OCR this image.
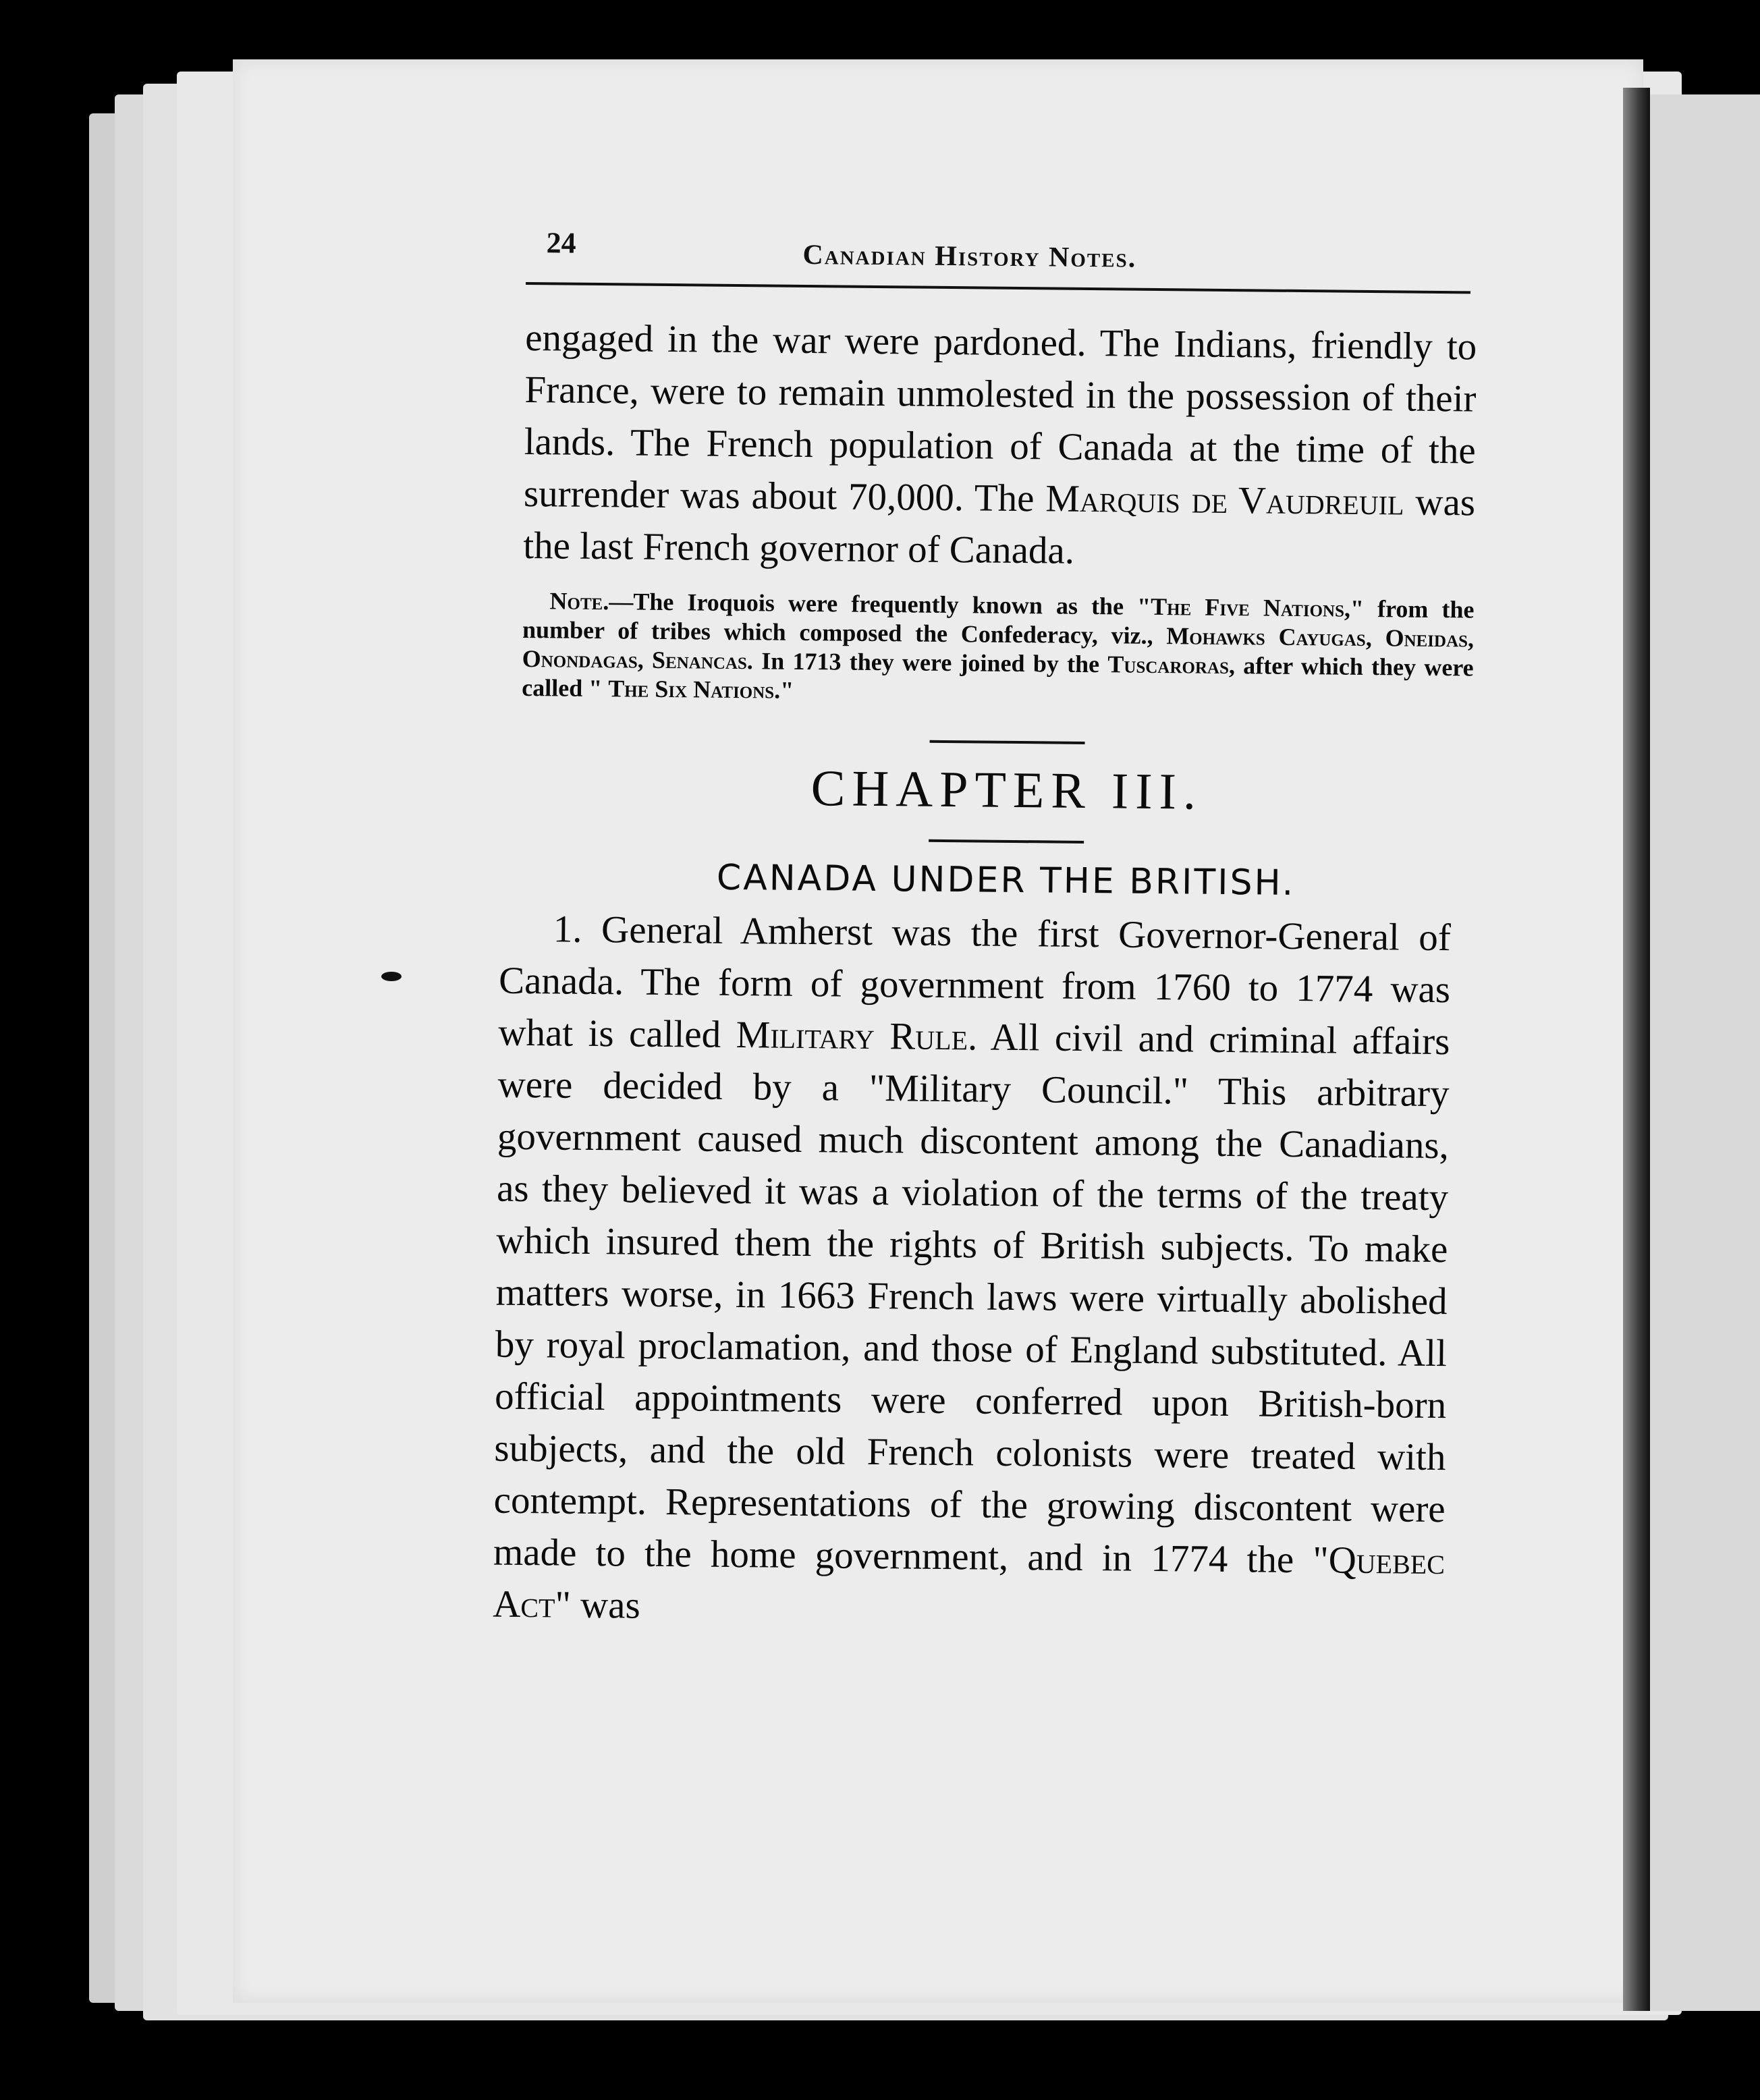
24	Canadian History Notes.

engaged in the war were pardoned. The Indians, friendly to France, were to remain unmolested in the possession of their lands. The French population of Canada at the time of the surrender was about 70,000. The Marquis de Vaudreuil was the last French governor of Canada.

Note.—The Iroquois were frequently known as the "The Five Nations," from the number of tribes which composed the Confederacy, viz., Mohawks Cayugas, Oneidas, Onondagas, Senancas. In 1713 they were joined by the Tuscaroras, after which they were called " The Six Nations."

CHAPTER III.
CANADA UNDER THE BRITISH.

1. General Amherst was the first Governor-General of Canada. The form of government from 1760 to 1774 was what is called Military Rule. All civil and criminal affairs were decided by a "Military Council." This arbitrary government caused much discontent among the Canadians, as they believed it was a violation of the terms of the treaty which insured them the rights of British subjects. To make matters worse, in 1663 French laws were virtually abolished by royal proclamation, and those of England substituted. All official appointments were conferred upon British-born subjects, and the old French colonists were treated with contempt. Representations of the growing discontent were made to the home government, and in 1774 the "Quebec Act" was
